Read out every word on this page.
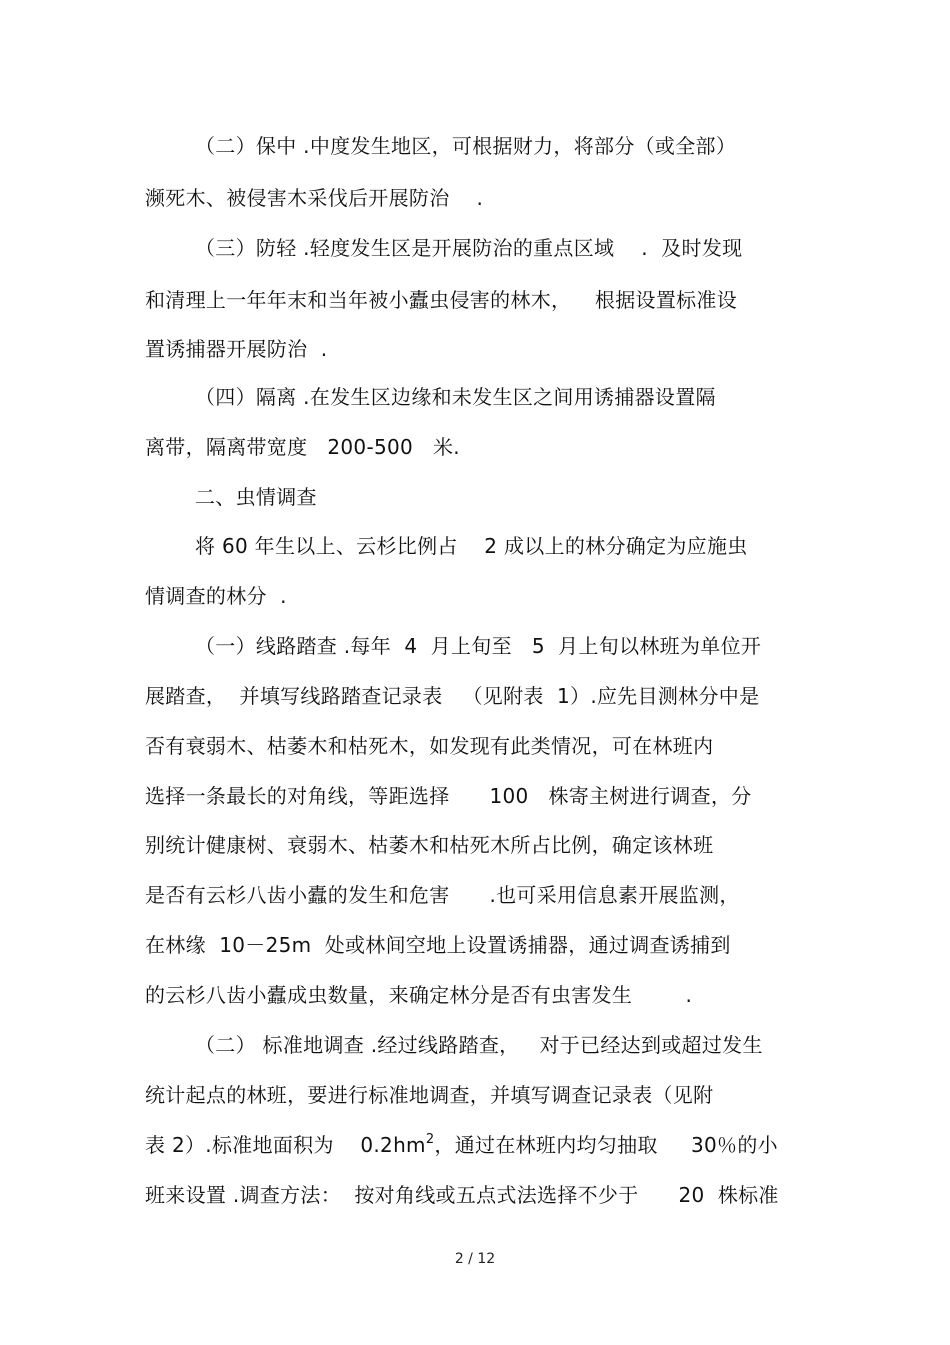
（二）保中 .中度发生地区，可根据财力，将部分（或全部）
濒死木、被侵害木采伐后开展防治　 .
（三）防轻 .轻度发生区是开展防治的重点区域　 .  及时发现
和清理上一年年末和当年被小蠹虫侵害的林木，　  根据设置标准设
置诱捕器开展防治  .
（四）隔离 .在发生区边缘和未发生区之间用诱捕器设置隔
离带，隔离带宽度   200-500   米.
二、虫情调查
将 60 年生以上、云杉比例占    2 成以上的林分确定为应施虫
情调查的林分  .
（一）线路踏查 .每年  4  月上旬至   5  月上旬以林班为单位开
展踏查，  并填写线路踏查记录表   （见附表  1）.应先目测林分中是
否有衰弱木、枯萎木和枯死木，如发现有此类情况，可在林班内
选择一条最长的对角线，等距选择      100   株寄主树进行调查，分
别统计健康树、衰弱木、枯萎木和枯死木所占比例，确定该林班
是否有云杉八齿小蠹的发生和危害      .也可采用信息素开展监测，
在林缘  10－25m  处或林间空地上设置诱捕器，通过调查诱捕到
的云杉八齿小蠹成虫数量，来确定林分是否有虫害发生        .
（二） 标准地调查 .经过线路踏查，   对于已经达到或超过发生
统计起点的林班，要进行标准地调查，并填写调查记录表（见附
表 2）.标准地面积为    $0.2hm^2$，通过在林班内均匀抽取     30％的小
班来设置 .调查方法：  按对角线或五点式法选择不少于      20  株标准
2 / 12
